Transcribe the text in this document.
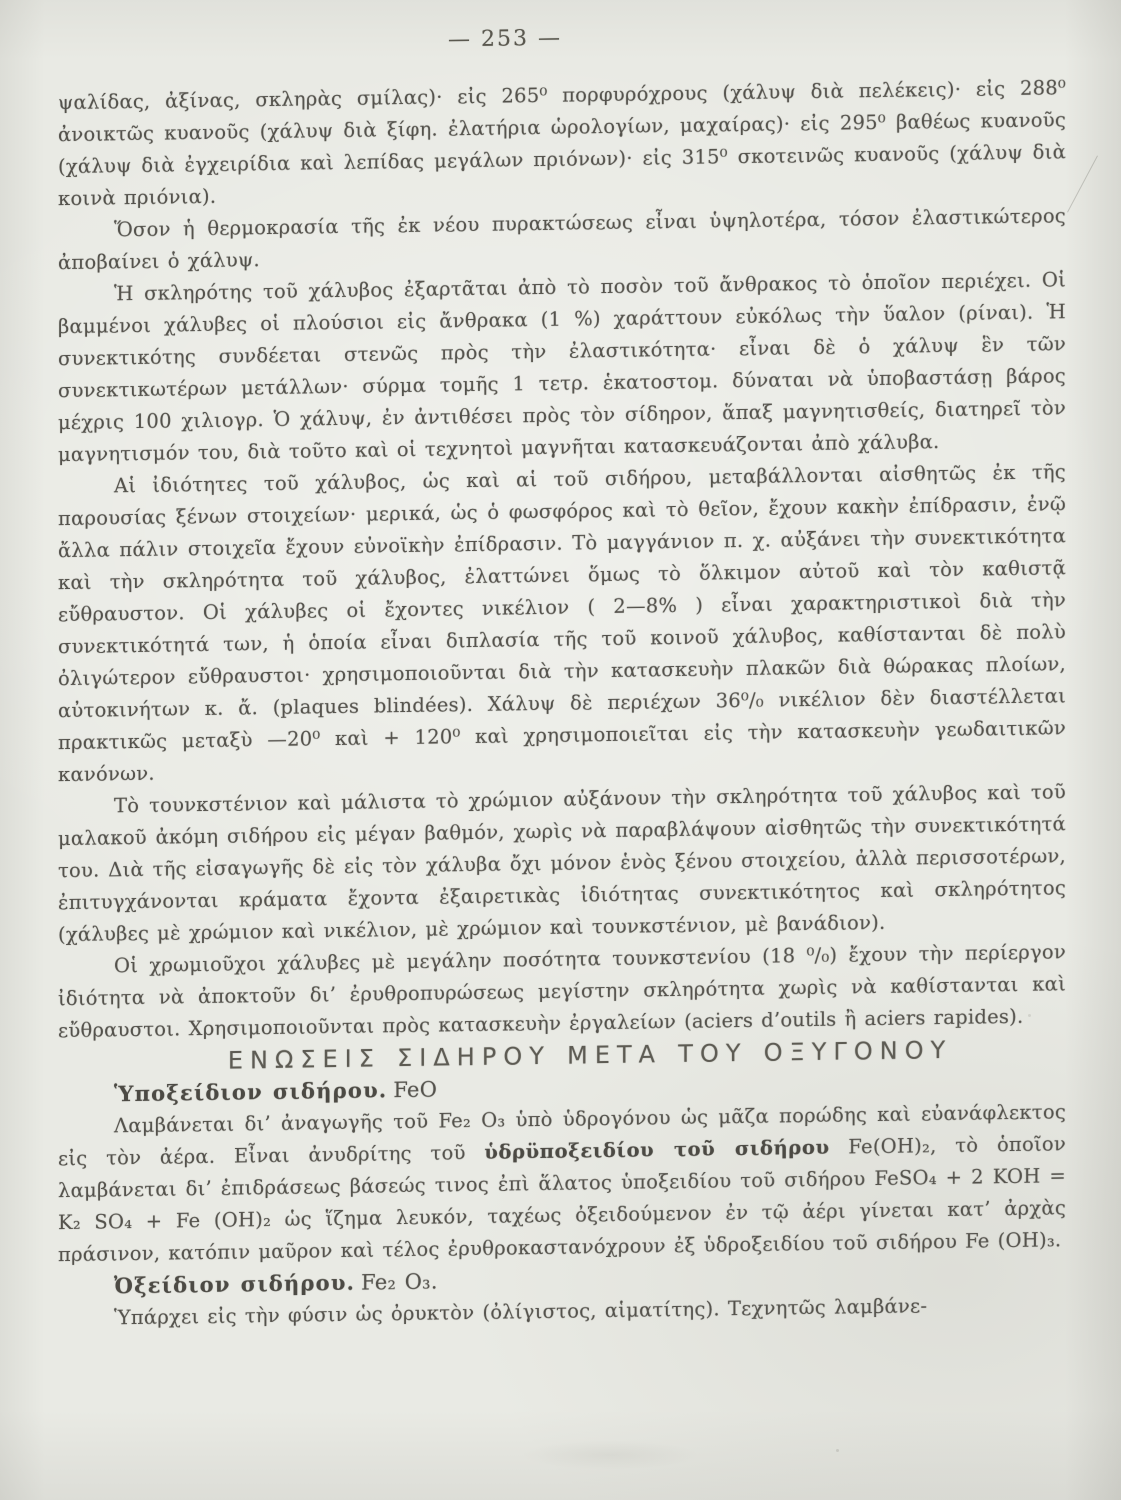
— 253 —

ψαλίδας, ἀξίνας, σκληρὰς σμίλας)· εἰς 265⁰ πορφυρόχρους (χάλυψ διὰ πελέκεις)· εἰς 288⁰ ἀνοικτῶς κυανοῦς (χάλυψ διὰ ξίφη. ἐλατήρια ὡρολογίων, μαχαίρας)· εἰς 295⁰ βαθέως κυανοῦς (χάλυψ διὰ ἐγχειρίδια καὶ λεπίδας μεγάλων πριόνων)· εἰς 315⁰ σκοτεινῶς κυανοῦς (χάλυψ διὰ κοινὰ πριόνια).

Ὅσον ἡ θερμοκρασία τῆς ἐκ νέου πυρακτώσεως εἶναι ὑψηλοτέρα, τόσον ἐλαστικώτερος ἀποβαίνει ὁ χάλυψ.

Ἡ σκληρότης τοῦ χάλυβος ἐξαρτᾶται ἀπὸ τὸ ποσὸν τοῦ ἄνθρακος τὸ ὁποῖον περιέχει. Οἱ βαμμένοι χάλυβες οἱ πλούσιοι εἰς ἄνθρακα (1 %) χαράττουν εὐκόλως τὴν ὕαλον (ρίναι). Ἡ συνεκτικότης συνδέεται στενῶς πρὸς τὴν ἐλαστικότητα· εἶναι δὲ ὁ χάλυψ ἓν τῶν συνεκτικωτέρων μετάλλων· σύρμα τομῆς 1 τετρ. ἑκατοστομ. δύναται νὰ ὑποβαστάσῃ βάρος μέχρις 100 χιλιογρ. Ὁ χάλυψ, ἐν ἀντιθέσει πρὸς τὸν σίδηρον, ἅπαξ μαγνητισθείς, διατηρεῖ τὸν μαγνητισμόν του, διὰ τοῦτο καὶ οἱ τεχνητοὶ μαγνῆται κατασκευάζονται ἀπὸ χάλυβα.

Αἱ ἰδιότητες τοῦ χάλυβος, ὡς καὶ αἱ τοῦ σιδήρου, μεταβάλλονται αἰσθητῶς ἐκ τῆς παρουσίας ξένων στοιχείων· μερικά, ὡς ὁ φωσφόρος καὶ τὸ θεῖον, ἔχουν κακὴν ἐπίδρασιν, ἐνῷ ἄλλα πάλιν στοιχεῖα ἔχουν εὐνοϊκὴν ἐπίδρασιν. Τὸ μαγγάνιον π. χ. αὐξάνει τὴν συνεκτικότητα καὶ τὴν σκληρότητα τοῦ χάλυβος, ἐλαττώνει ὅμως τὸ ὅλκιμον αὐτοῦ καὶ τὸν καθιστᾷ εὔθραυστον. Οἱ χάλυβες οἱ ἔχοντες νικέλιον ( 2—8% ) εἶναι χαρακτηριστικοὶ διὰ τὴν συνεκτικότητά των, ἡ ὁποία εἶναι διπλασία τῆς τοῦ κοινοῦ χάλυβος, καθίστανται δὲ πολὺ ὀλιγώτερον εὔθραυστοι· χρησιμοποιοῦνται διὰ τὴν κατασκευὴν πλακῶν διὰ θώρακας πλοίων, αὐτοκινήτων κ. ἄ. (plaques blindées). Χάλυψ δὲ περιέχων 36⁰/₀ νικέλιον δὲν διαστέλλεται πρακτικῶς μεταξὺ —20⁰ καὶ + 120⁰ καὶ χρησιμοποιεῖται εἰς τὴν κατασκευὴν γεωδαιτικῶν κανόνων.

Τὸ τουνκστένιον καὶ μάλιστα τὸ χρώμιον αὐξάνουν τὴν σκληρότητα τοῦ χάλυβος καὶ τοῦ μαλακοῦ ἀκόμη σιδήρου εἰς μέγαν βαθμόν, χωρὶς νὰ παραβλάψουν αἰσθητῶς τὴν συνεκτικότητά του. Διὰ τῆς εἰσαγωγῆς δὲ εἰς τὸν χάλυβα ὄχι μόνον ἑνὸς ξένου στοιχείου, ἀλλὰ περισσοτέρων, ἐπιτυγχάνονται κράματα ἔχοντα ἐξαιρετικὰς ἰδιότητας συνεκτικότητος καὶ σκληρότητος (χάλυβες μὲ χρώμιον καὶ νικέλιον, μὲ χρώμιον καὶ τουνκστένιον, μὲ βανάδιον).

Οἱ χρωμιοῦχοι χάλυβες μὲ μεγάλην ποσότητα τουνκστενίου (18 ⁰/₀) ἔχουν τὴν περίεργον ἰδιότητα νὰ ἀποκτοῦν δι’ ἐρυθροπυρώσεως μεγίστην σκληρότητα χωρὶς νὰ καθίστανται καὶ εὔθραυστοι. Χρησιμοποιοῦνται πρὸς κατασκευὴν ἐργαλείων (aciers d’outils ἢ aciers rapides).

ΕΝΩΣΕΙΣ ΣΙΔΗΡΟΥ ΜΕΤΑ ΤΟΥ ΟΞΥΓΟΝΟΥ

Ὑποξείδιον σιδήρου. FeO

Λαμβάνεται δι’ ἀναγωγῆς τοῦ Fe₂ O₃ ὑπὸ ὑδρογόνου ὡς μᾶζα πορώδης καὶ εὐανάφλεκτος εἰς τὸν ἀέρα. Εἶναι ἀνυδρίτης τοῦ ὑδρϋποξειδίου τοῦ σιδήρου Fe(OH)₂, τὸ ὁποῖον λαμβάνεται δι’ ἐπιδράσεως βάσεώς τινος ἐπὶ ἅλατος ὑποξειδίου τοῦ σιδήρου FeSO₄ + 2 KOH = K₂ SO₄ + Fe (OH)₂ ὡς ἵζημα λευκόν, ταχέως ὀξειδούμενον ἐν τῷ ἀέρι γίνεται κατ’ ἀρχὰς πράσινον, κατόπιν μαῦρον καὶ τέλος ἐρυθροκαστανόχρουν ἐξ ὑδροξειδίου τοῦ σιδήρου Fe (OH)₃.

Ὀξείδιον σιδήρου. Fe₂ O₃.

Ὑπάρχει εἰς τὴν φύσιν ὡς ὀρυκτὸν (ὀλίγιστος, αἱματίτης). Τεχνητῶς λαμβάνε-
